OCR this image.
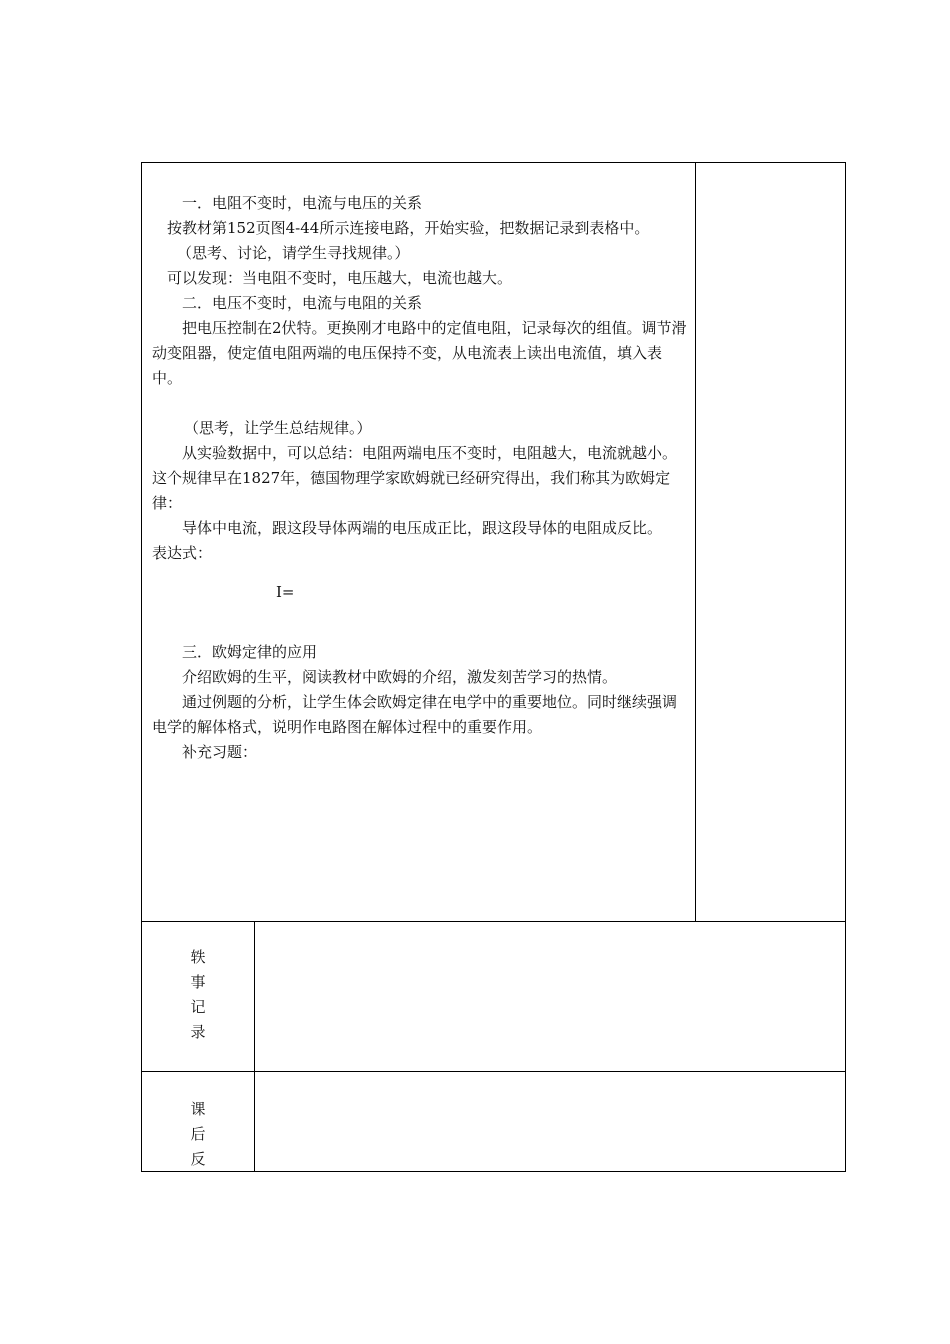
一．电阻不变时，电流与电压的关系

按教材第152页图4-44所示连接电路，开始实验，把数据记录到表格中。

（思考、讨论，请学生寻找规律。）

可以发现：当电阻不变时，电压越大，电流也越大。

二．电压不变时，电流与电阻的关系

把电压控制在2伏特。更换刚才电路中的定值电阻，记录每次的组值。调节滑动变阻器，使定值电阻两端的电压保持不变，从电流表上读出电流值，填入表中。

（思考，让学生总结规律。）

从实验数据中，可以总结：电阻两端电压不变时，电阻越大，电流就越小。这个规律早在1827年，德国物理学家欧姆就已经研究得出，我们称其为欧姆定律：

导体中电流，跟这段导体两端的电压成正比，跟这段导体的电阻成反比。

表达式：

I=

三．欧姆定律的应用

介绍欧姆的生平，阅读教材中欧姆的介绍，激发刻苦学习的热情。

通过例题的分析，让学生体会欧姆定律在电学中的重要地位。同时继续强调电学的解体格式，说明作电路图在解体过程中的重要作用。

补充习题：

轶
事
记
录
课
后
反
